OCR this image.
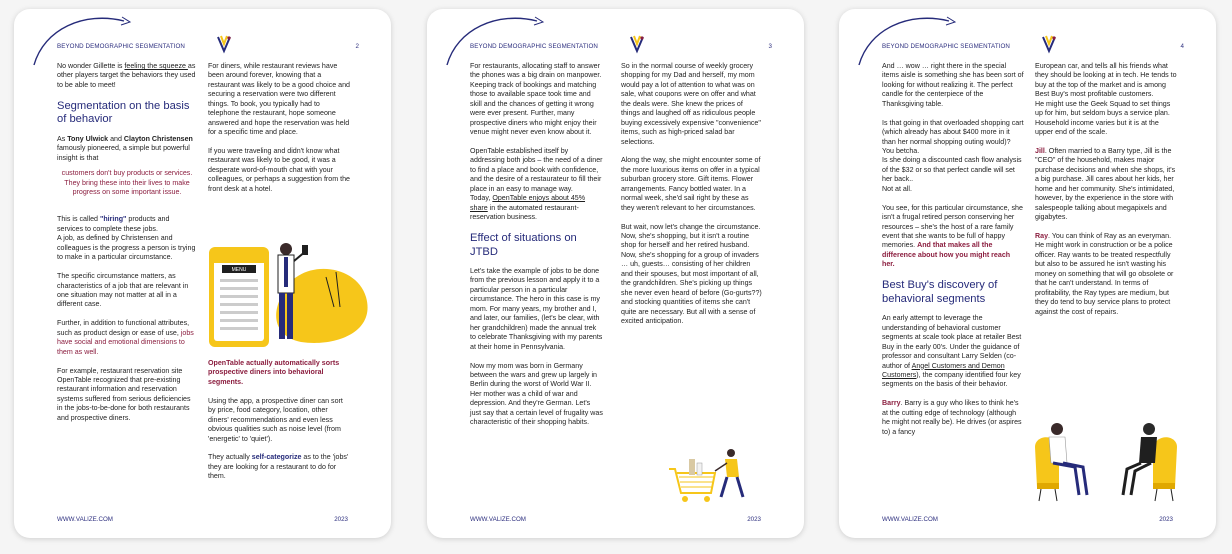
BEYOND DEMOGRAPHIC SEGMENTATION	2

No wonder Gillette is feeling the squeeze as other players target the behaviors they used to be able to meet!

Segmentation on the basis of behavior

As Tony Ulwick and Clayton Christensen famously pioneered, a simple but powerful insight is that

customers don't buy products or services. They bring these into their lives to make progress on some important issue.

This is called "hiring" products and services to complete these jobs.
A job, as defined by Christensen and colleagues is the progress a person is trying to make in a particular circumstance.

The specific circumstance matters, as characteristics of a job that are relevant in one situation may not matter at all in a different case.

Further, in addition to functional attributes, such as product design or ease of use, jobs have social and emotional dimensions to them as well.

For example, restaurant reservation site OpenTable recognized that pre-existing restaurant information and reservation systems suffered from serious deficiencies in the jobs-to-be-done for both restaurants and prospective diners.

For diners, while restaurant reviews have been around forever, knowing that a restaurant was likely to be a good choice and securing a reservation were two different things. To book, you typically had to telephone the restaurant, hope someone answered and hope the reservation was held for a specific time and place.

If you were traveling and didn't know what restaurant was likely to be good, it was a desperate word-of-mouth chat with your colleagues, or perhaps a suggestion from the front desk at a hotel.

MENU

OpenTable actually automatically sorts prospective diners into behavioral segments.

Using the app, a prospective diner can sort by price, food category, location, other diners' recommendations and even less obvious qualities such as noise level (from 'energetic' to 'quiet').

They actually self-categorize as to the 'jobs' they are looking for a restaurant to do for them.

WWW.VALIZE.COM	2023
BEYOND DEMOGRAPHIC SEGMENTATION	3

For restaurants, allocating staff to answer the phones was a big drain on manpower. Keeping track of bookings and matching those to available space took time and skill and the chances of getting it wrong were ever present. Further, many prospective diners who might enjoy their venue might never even know about it.

OpenTable established itself by addressing both jobs – the need of a diner to find a place and book with confidence, and the desire of a restaurateur to fill their place in an easy to manage way.

Today, OpenTable enjoys about 45% share in the automated restaurant-reservation business.

Effect of situations on JTBD

Let's take the example of jobs to be done from the previous lesson and apply it to a particular person in a particular circumstance. The hero in this case is my mom. For many years, my brother and I, and later, our families, (let's be clear, with her grandchildren) made the annual trek to celebrate Thanksgiving with my parents at their home in Pennsylvania.

Now my mom was born in Germany between the wars and grew up largely in Berlin during the worst of World War II. Her mother was a child of war and depression. And they're German. Let's just say that a certain level of frugality was characteristic of their shopping habits.

So in the normal course of weekly grocery shopping for my Dad and herself, my mom would pay a lot of attention to what was on sale, what coupons were on offer and what the deals were. She knew the prices of things and laughed off as ridiculous people buying excessively expensive "convenience" items, such as high-priced salad bar selections.

Along the way, she might encounter some of the more luxurious items on offer in a typical suburban grocery store. Gift items. Flower arrangements. Fancy bottled water. In a normal week, she'd sail right by these as they weren't relevant to her circumstances.

But wait, now let's change the circumstance. Now, she's shopping, but it isn't a routine shop for herself and her retired husband. Now, she's shopping for a group of invaders … uh, guests… consisting of her children and their spouses, but most important of all, the grandchildren. She's picking up things she never even heard of before (Go-gurts??) and stocking quantities of items she can't quite are necessary. But all with a sense of excited anticipation.

WWW.VALIZE.COM	2023
BEYOND DEMOGRAPHIC SEGMENTATION	4

And … wow … right there in the special items aisle is something she has been sort of looking for without realizing it. The perfect candle for the centerpiece of the Thanksgiving table.

Is that going in that overloaded shopping cart (which already has about $400 more in it than her normal shopping outing would)? You betcha.
Is she doing a discounted cash flow analysis of the $32 or so that perfect candle will set her back..
Not at all.

You see, for this particular circumstance, she isn't a frugal retired person conserving her resources – she's the host of a rare family event that she wants to be full of happy memories. And that makes all the difference about how you might reach her.

Best Buy's discovery of behavioral segments

An early attempt to leverage the understanding of behavioral customer segments at scale took place at retailer Best Buy in the early 00's. Under the guidance of professor and consultant Larry Selden (co-author of Angel Customers and Demon Customers), the company identified four key segments on the basis of their behavior.

Barry. Barry is a guy who likes to think he's at the cutting edge of technology (although he might not really be). He drives (or aspires to) a fancy

European car, and tells all his friends what they should be looking at in tech. He tends to buy at the top of the market and is among Best Buy's most profitable customers.

He might use the Geek Squad to set things up for him, but seldom buys a service plan. Household income varies but it is at the upper end of the scale.

Jill. Often married to a Barry type, Jill is the "CEO" of the household, makes major purchase decisions and when she shops, it's a big purchase. Jill cares about her kids, her home and her community. She's intimidated, however, by the experience in the store with salespeople talking about megapixels and gigabytes.

Ray. You can think of Ray as an everyman. He might work in construction or be a police officer. Ray wants to be treated respectfully but also to be assured he isn't wasting his money on something that will go obsolete or that he can't understand. In terms of profitability, the Ray types are medium, but they do tend to buy service plans to protect against the cost of repairs.

WWW.VALIZE.COM	2023
